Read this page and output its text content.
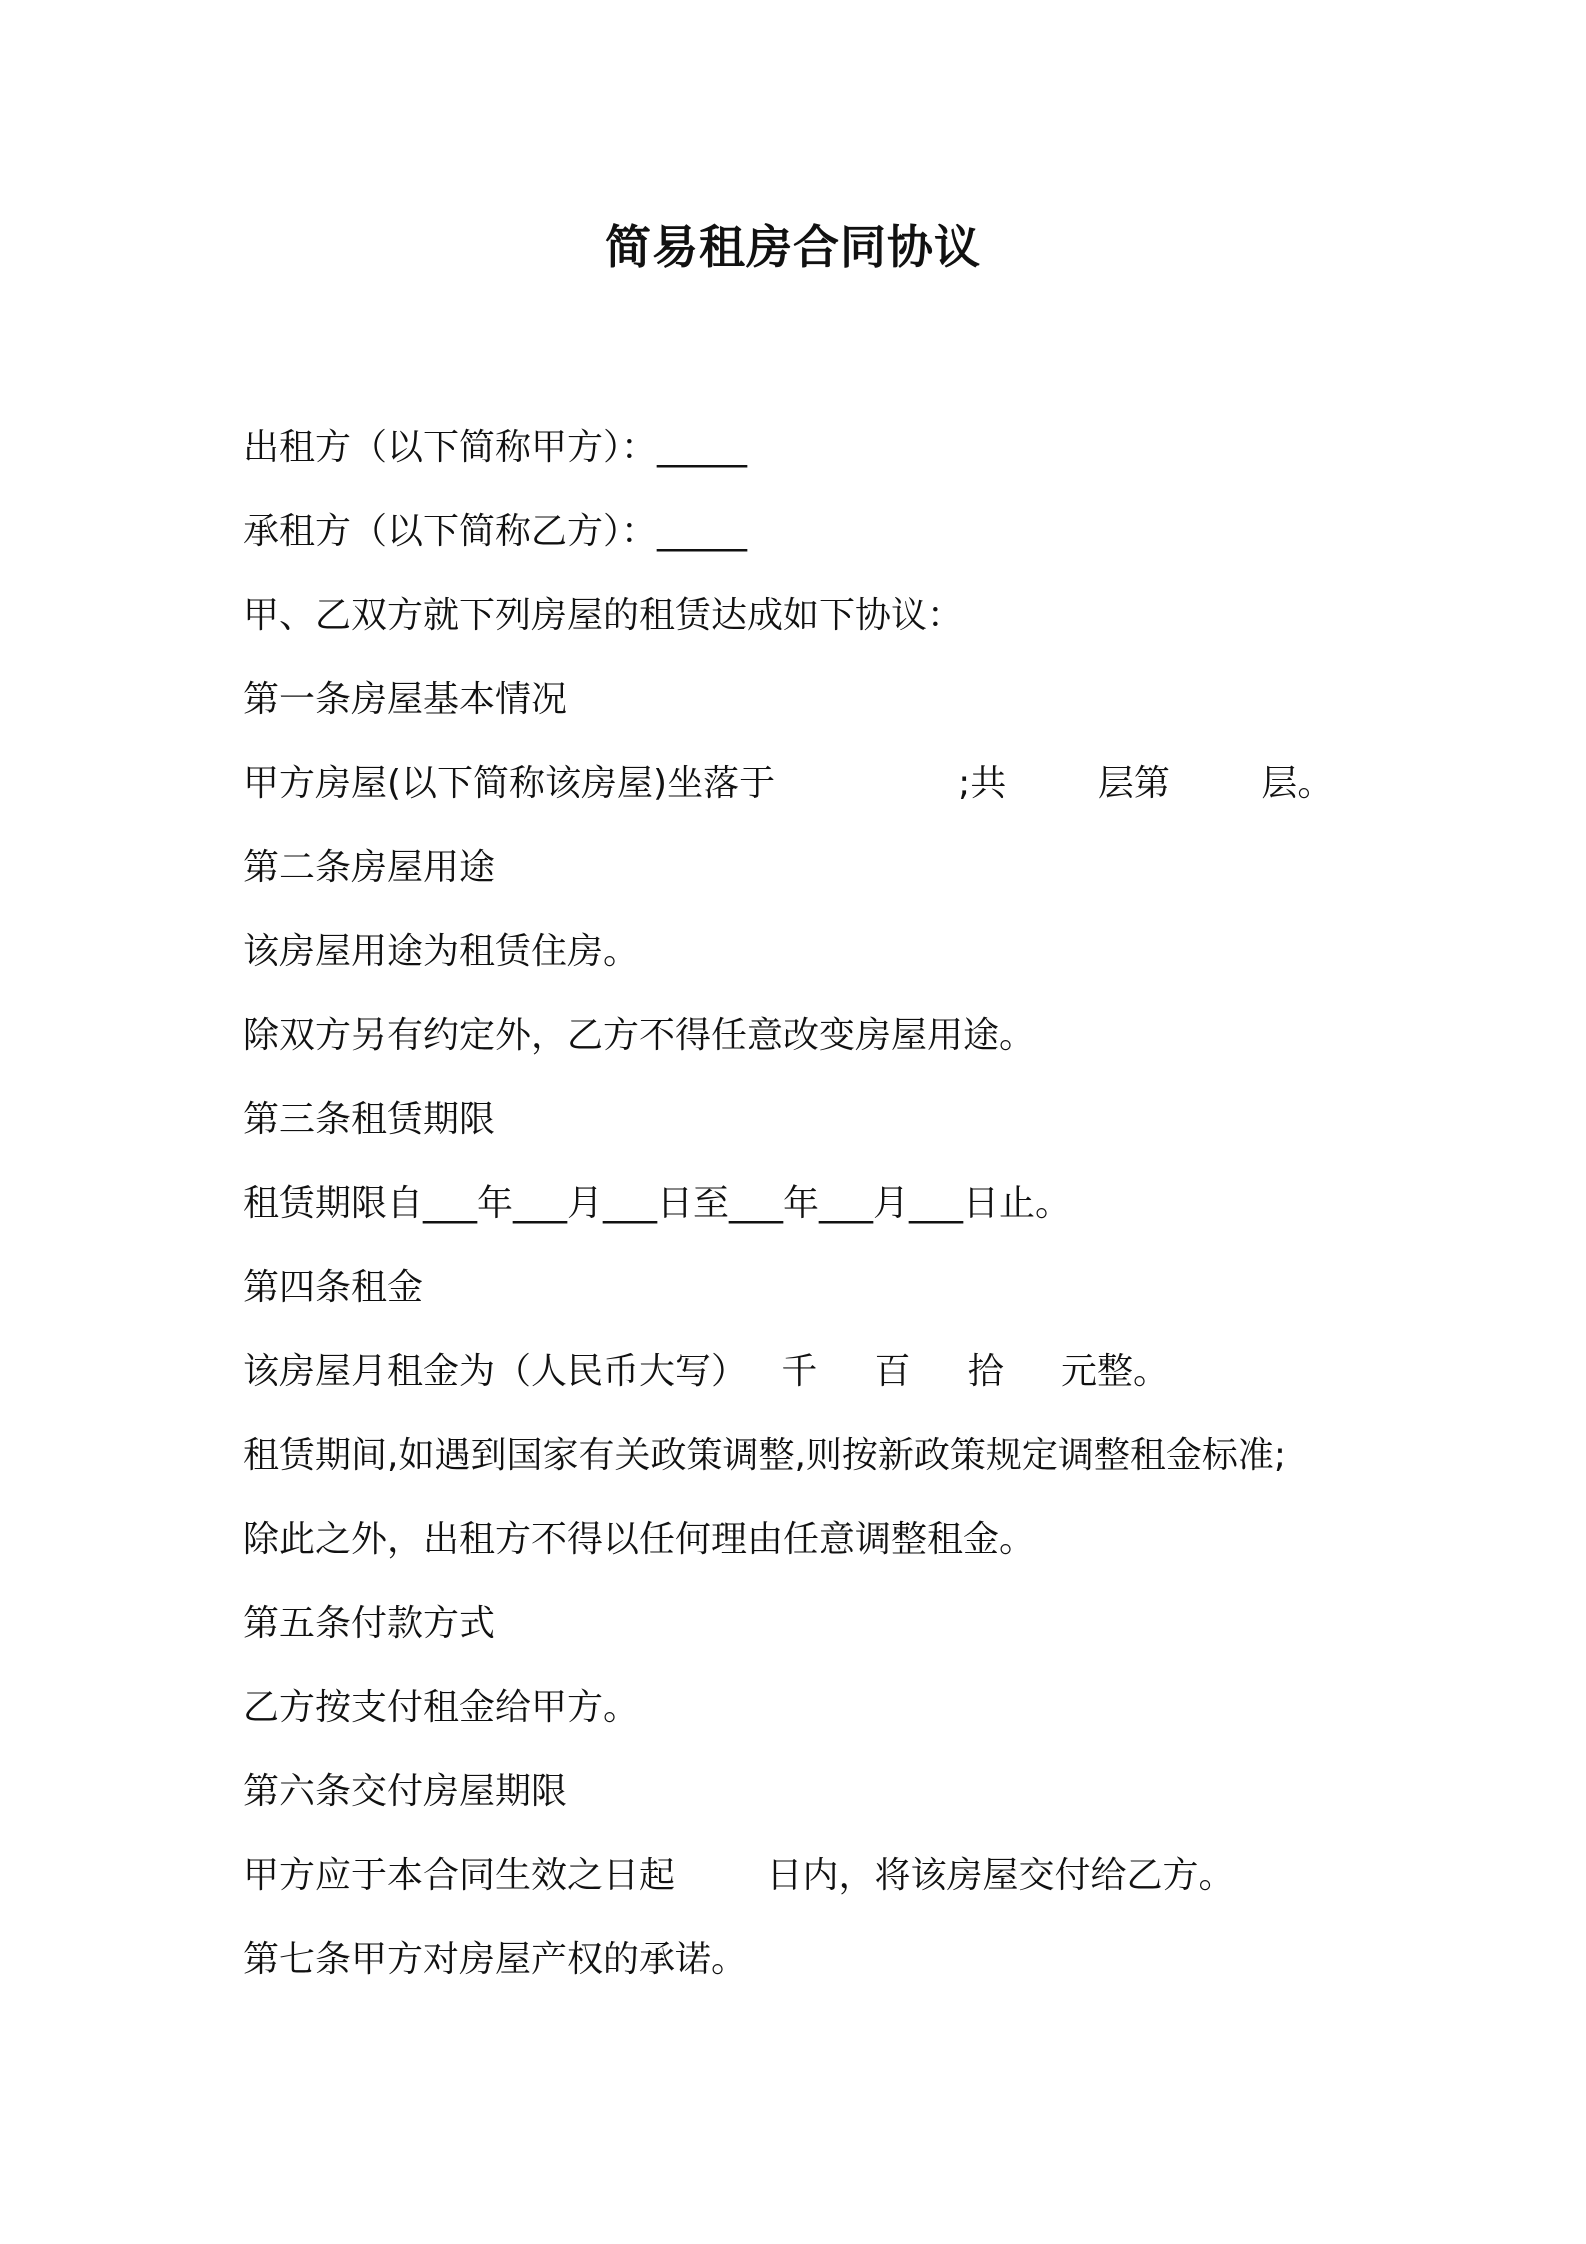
简易租房合同协议
出租方（以下简称甲方）：_____
承租方（以下简称乙方）：_____
甲、乙双方就下列房屋的租赁达成如下协议：
第一条房屋基本情况
甲方房屋(以下简称该房屋)坐落于                ;共        层第        层。
第二条房屋用途
该房屋用途为租赁住房。
除双方另有约定外，乙方不得任意改变房屋用途。
第三条租赁期限
租赁期限自___年___月___日至___年___月___日止。
第四条租金
该房屋月租金为（人民币大写）   千     百     拾     元整。
租赁期间,如遇到国家有关政策调整,则按新政策规定调整租金标准;
除此之外，出租方不得以任何理由任意调整租金。
第五条付款方式
乙方按支付租金给甲方。
第六条交付房屋期限
甲方应于本合同生效之日起        日内，将该房屋交付给乙方。
第七条甲方对房屋产权的承诺。
